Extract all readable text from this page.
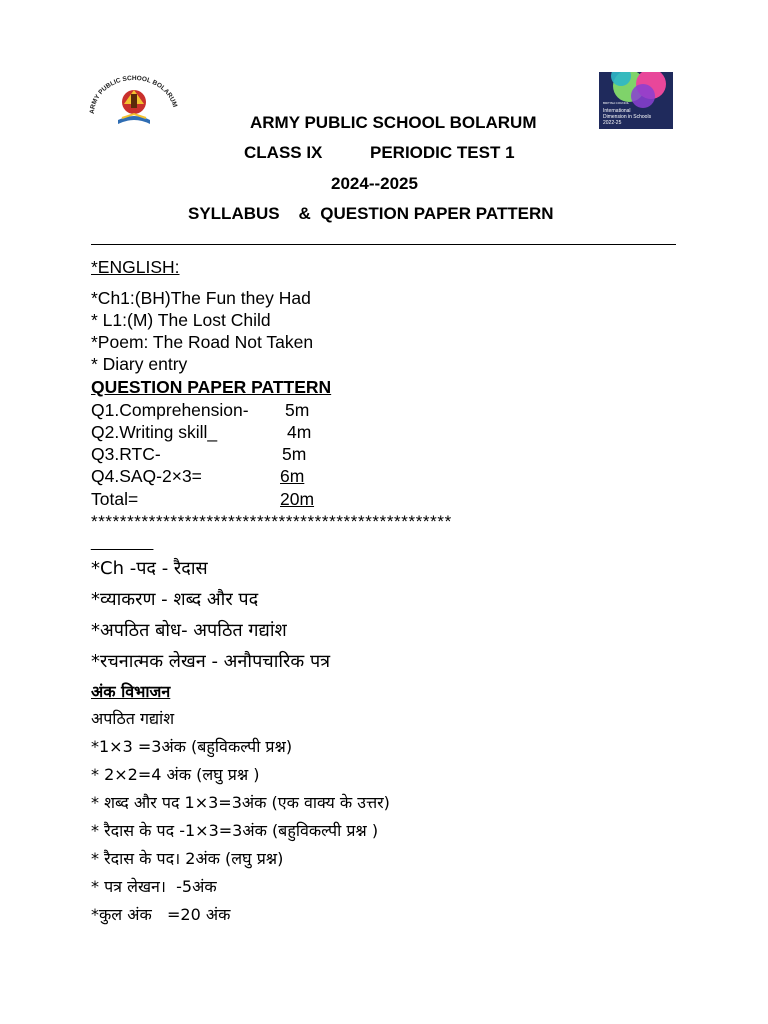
ARMY PUBLIC SCHOOL BOLARUM	BRITISH COUNCIL
International
Dimension in Schools
2022-25
ARMY PUBLIC SCHOOL BOLARUM
CLASS IX	PERIODIC TEST 1
2024--2025
SYLLABUS    &  QUESTION PAPER PATTERN
*ENGLISH:
*Ch1:(BH)The Fun they Had
* L1:(M) The Lost Child
*Poem: The Road Not Taken
* Diary entry
QUESTION PAPER PATTERN
Q1.Comprehension- 5m
Q2.Writing skill_	4m
Q3.RTC-	5m
Q4.SAQ-2×3=	6m
Total=	20m
**************************************************
_______
*Ch -पद - रैदास
*व्याकरण - शब्द और पद
*अपठित बोध- अपठित गद्यांश
*रचनात्मक लेखन - अनौपचारिक पत्र
अंक विभाजन
अपठित गद्यांश
*1×3 =3अंक (बहुविकल्पी प्रश्न)
* 2×2=4 अंक (लघु प्रश्न )
* शब्द और पद 1×3=3अंक (एक वाक्य के उत्तर)
* रैदास के पद -1×3=3अंक (बहुविकल्पी प्रश्न )
* रैदास के पद। 2अंक (लघु प्रश्न)
* पत्र लेखन।  -5अंक
*कुल अंक   =20 अंक
